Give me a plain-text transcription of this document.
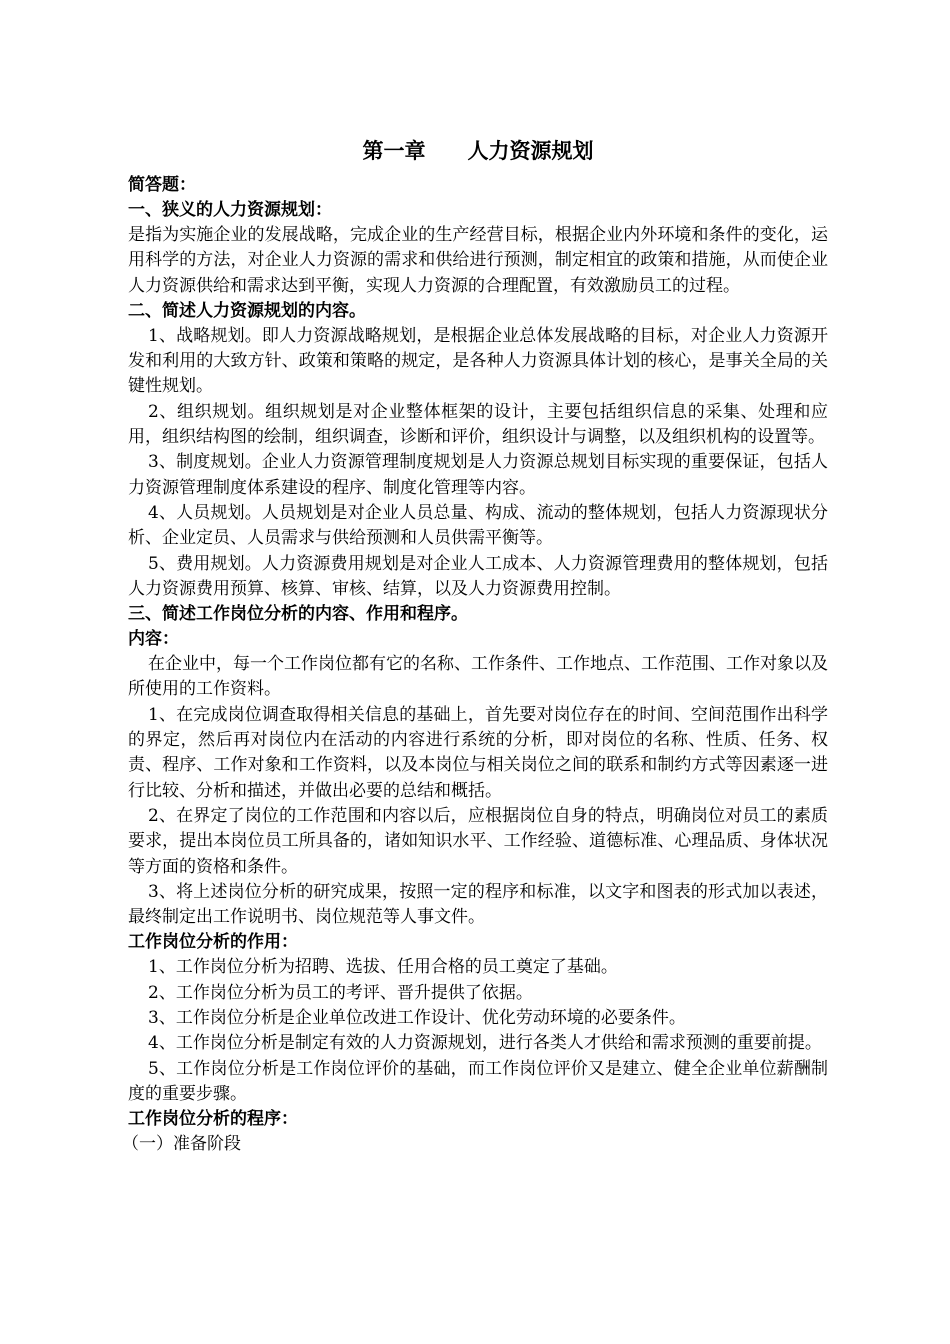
第一章　　人力资源规划
简答题：
一、狭义的人力资源规划：
是指为实施企业的发展战略，完成企业的生产经营目标，根据企业内外环境和条件的变化，运用科学的方法，对企业人力资源的需求和供给进行预测，制定相宜的政策和措施，从而使企业人力资源供给和需求达到平衡，实现人力资源的合理配置，有效激励员工的过程。
二、简述人力资源规划的内容。
1、战略规划。即人力资源战略规划，是根据企业总体发展战略的目标，对企业人力资源开发和利用的大致方针、政策和策略的规定，是各种人力资源具体计划的核心，是事关全局的关键性规划。
2、组织规划。组织规划是对企业整体框架的设计，主要包括组织信息的采集、处理和应用，组织结构图的绘制，组织调查，诊断和评价，组织设计与调整，以及组织机构的设置等。
3、制度规划。企业人力资源管理制度规划是人力资源总规划目标实现的重要保证，包括人力资源管理制度体系建设的程序、制度化管理等内容。
4、人员规划。人员规划是对企业人员总量、构成、流动的整体规划，包括人力资源现状分析、企业定员、人员需求与供给预测和人员供需平衡等。
5、费用规划。人力资源费用规划是对企业人工成本、人力资源管理费用的整体规划，包括人力资源费用预算、核算、审核、结算，以及人力资源费用控制。
三、简述工作岗位分析的内容、作用和程序。
内容：
在企业中，每一个工作岗位都有它的名称、工作条件、工作地点、工作范围、工作对象以及所使用的工作资料。
1、在完成岗位调查取得相关信息的基础上，首先要对岗位存在的时间、空间范围作出科学的界定，然后再对岗位内在活动的内容进行系统的分析，即对岗位的名称、性质、任务、权责、程序、工作对象和工作资料，以及本岗位与相关岗位之间的联系和制约方式等因素逐一进行比较、分析和描述，并做出必要的总结和概括。
2、在界定了岗位的工作范围和内容以后，应根据岗位自身的特点，明确岗位对员工的素质要求，提出本岗位员工所具备的，诸如知识水平、工作经验、道德标准、心理品质、身体状况等方面的资格和条件。
3、将上述岗位分析的研究成果，按照一定的程序和标准，以文字和图表的形式加以表述，最终制定出工作说明书、岗位规范等人事文件。
工作岗位分析的作用：
1、工作岗位分析为招聘、选拔、任用合格的员工奠定了基础。
2、工作岗位分析为员工的考评、晋升提供了依据。
3、工作岗位分析是企业单位改进工作设计、优化劳动环境的必要条件。
4、工作岗位分析是制定有效的人力资源规划，进行各类人才供给和需求预测的重要前提。
5、工作岗位分析是工作岗位评价的基础，而工作岗位评价又是建立、健全企业单位薪酬制度的重要步骤。
工作岗位分析的程序：
（一）准备阶段
